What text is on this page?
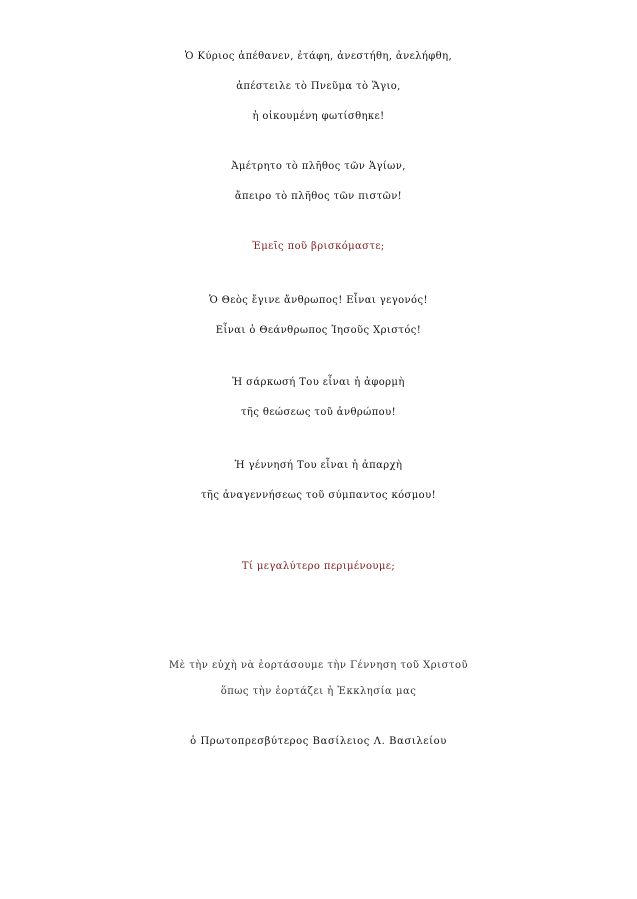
Ὁ Κύριος ἀπέθανεν, ἐτάφη, ἀνεστήθη, ἀνελήφθη,
ἀπέστειλε τὸ Πνεῦμα τὸ Ἅγιο,
ἡ οἰκουμένη φωτίσθηκε!
Ἀμέτρητο τὸ πλῆθος τῶν Ἁγίων,
ἄπειρο τὸ πλῆθος τῶν πιστῶν!
Ἐμεῖς ποῦ βρισκόμαστε;
Ὁ Θεὸς ἔγινε ἄνθρωπος! Εἶναι γεγονός!
Εἶναι ὁ Θεάνθρωπος Ἰησοῦς Χριστός!
Ἡ σάρκωσή Του εἶναι ἡ ἀφορμὴ
τῆς θεώσεως τοῦ ἀνθρώπου!
Ἡ γέννησή Του εἶναι ἡ ἀπαρχὴ
τῆς ἀναγεννήσεως τοῦ σύμπαντος κόσμου!
Τί μεγαλύτερο περιμένουμε;
Μὲ τὴν εὐχὴ νὰ ἑορτάσουμε τὴν Γέννηση τοῦ Χριστοῦ
ὅπως τὴν ἑορτάζει ἡ Ἐκκλησία μας
ὁ Πρωτοπρεσβύτερος Βασίλειος Λ. Βασιλείου
